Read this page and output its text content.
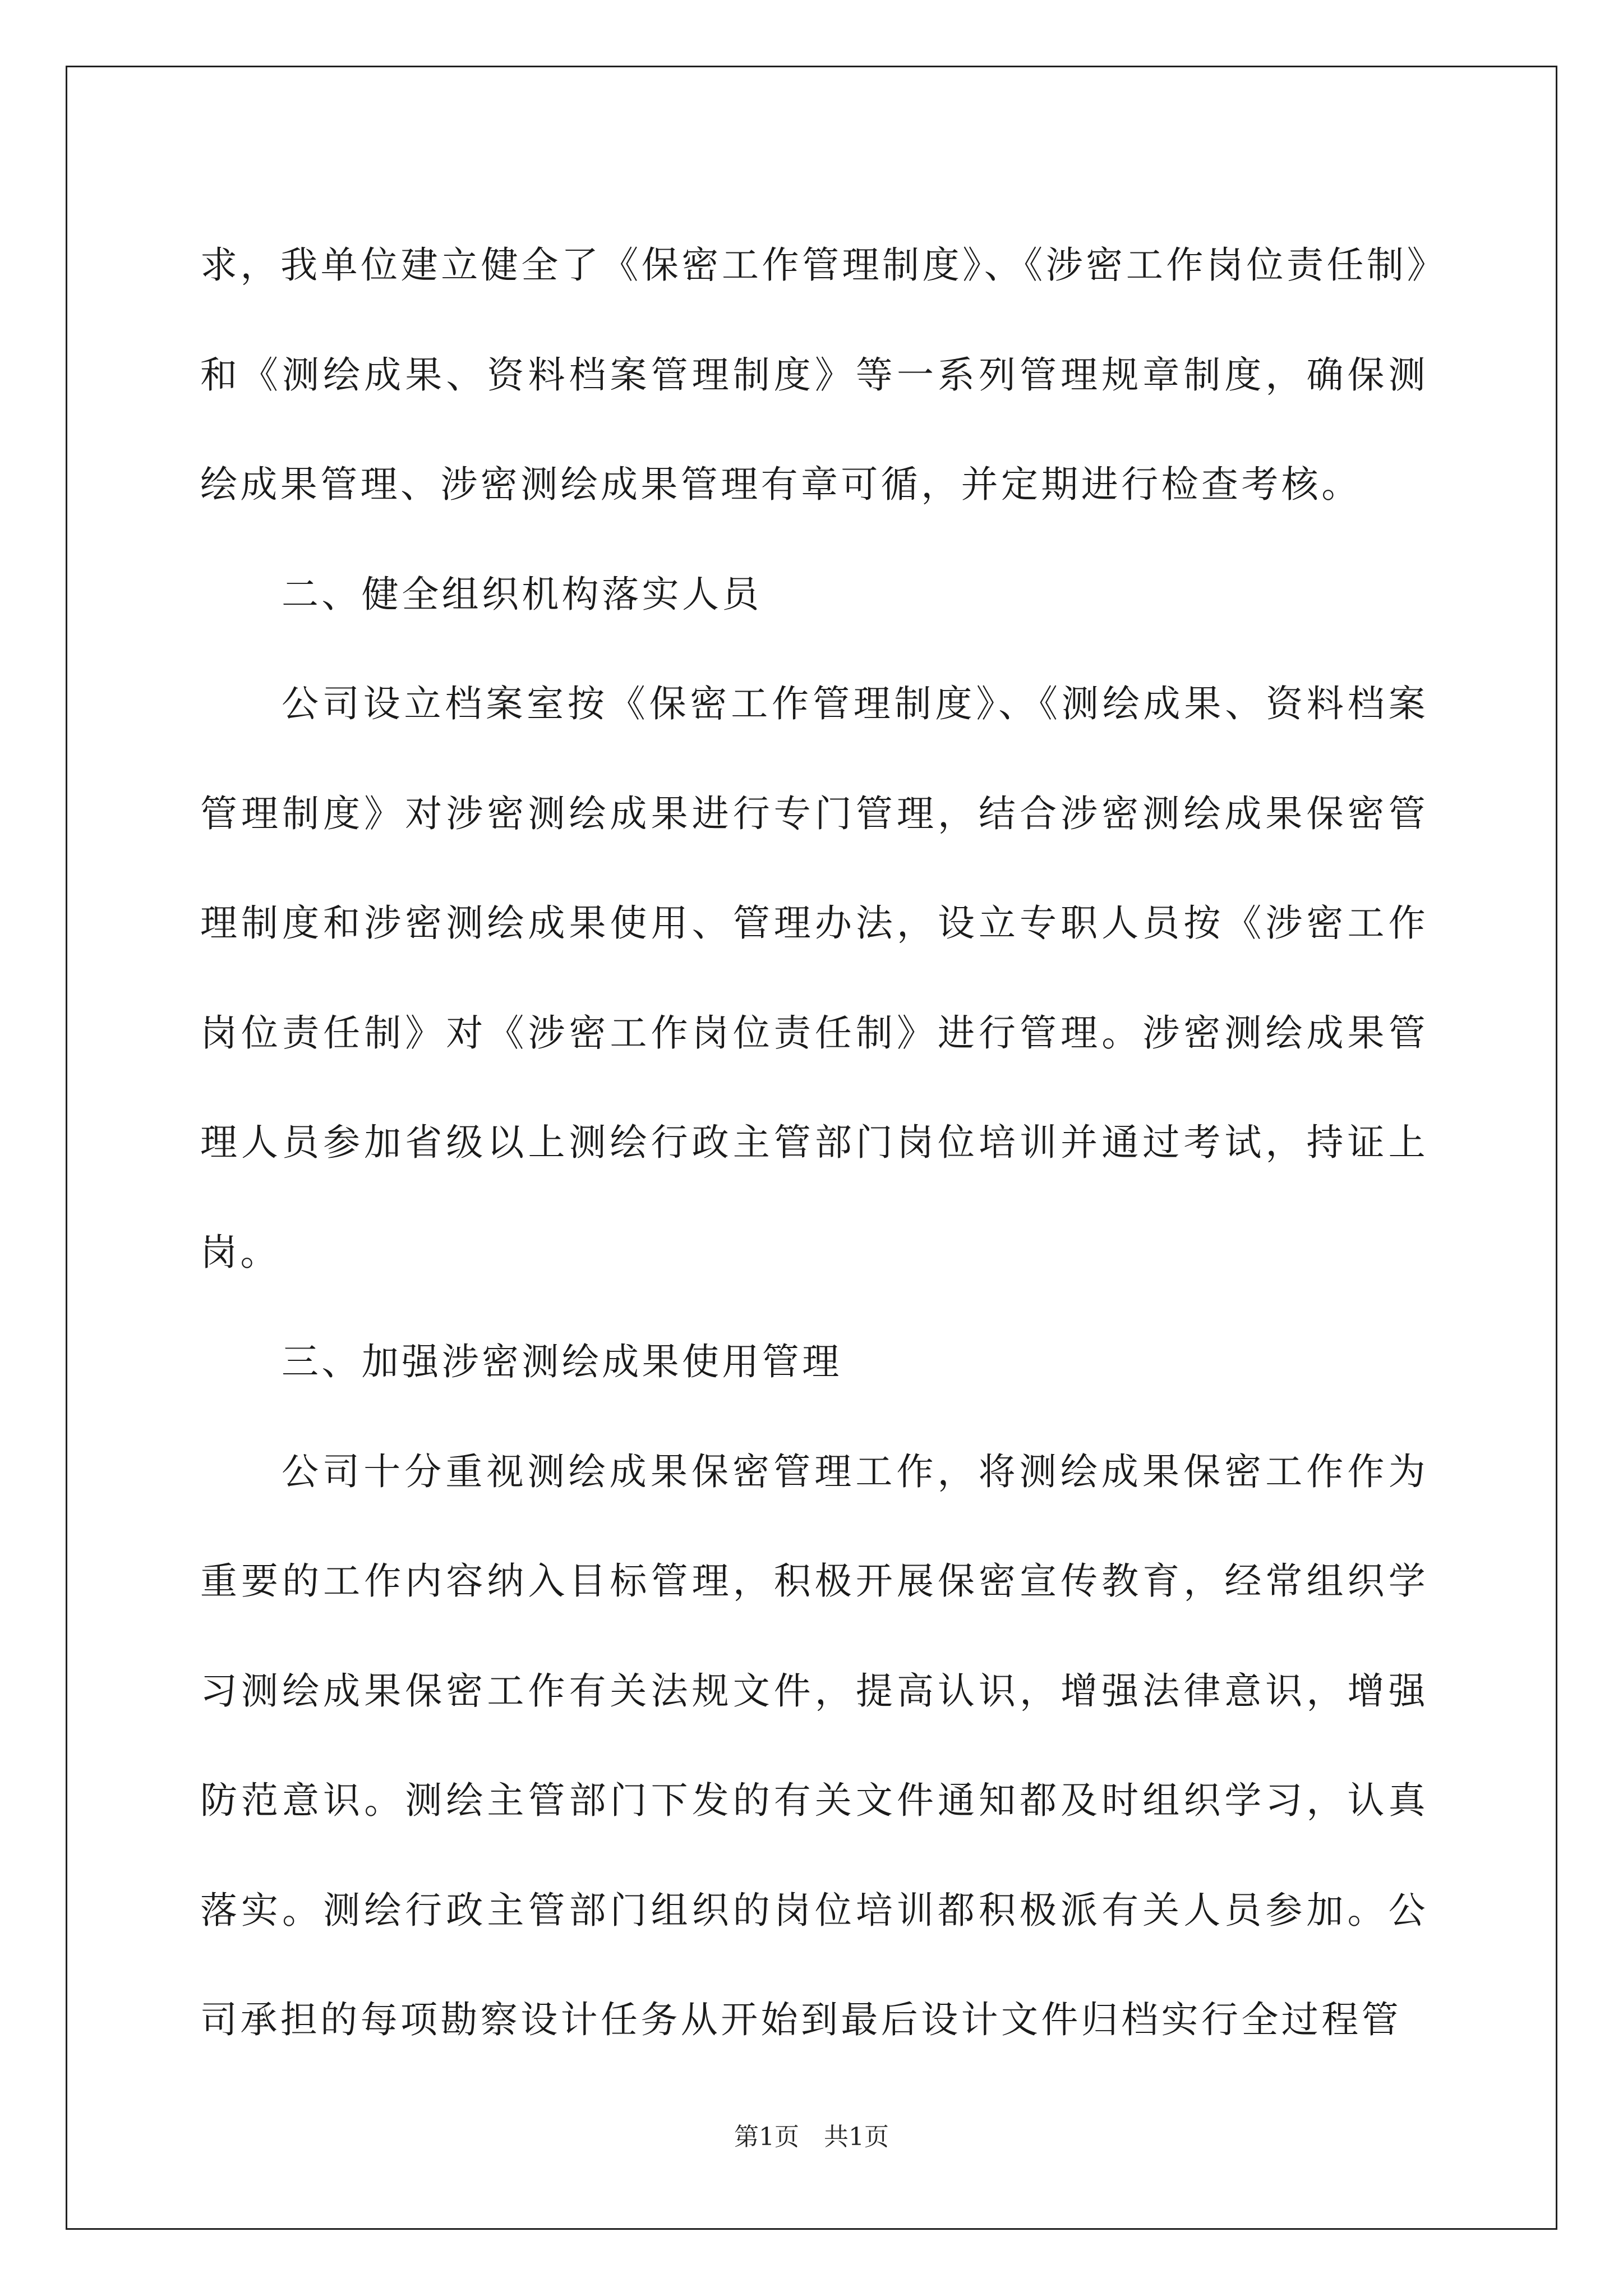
求，我单位建立健全了《保密工作管理制度》、《涉密工作岗位责任制》和《测绘成果、资料档案管理制度》等一系列管理规章制度，确保测绘成果管理、涉密测绘成果管理有章可循，并定期进行检查考核。

二、健全组织机构落实人员

公司设立档案室按《保密工作管理制度》、《测绘成果、资料档案管理制度》对涉密测绘成果进行专门管理，结合涉密测绘成果保密管理制度和涉密测绘成果使用、管理办法，设立专职人员按《涉密工作岗位责任制》对《涉密工作岗位责任制》进行管理。涉密测绘成果管理人员参加省级以上测绘行政主管部门岗位培训并通过考试，持证上岗。

三、加强涉密测绘成果使用管理

公司十分重视测绘成果保密管理工作，将测绘成果保密工作作为重要的工作内容纳入目标管理，积极开展保密宣传教育，经常组织学习测绘成果保密工作有关法规文件，提高认识，增强法律意识，增强防范意识。测绘主管部门下发的有关文件通知都及时组织学习，认真落实。测绘行政主管部门组织的岗位培训都积极派有关人员参加。公司承担的每项勘察设计任务从开始到最后设计文件归档实行全过程管

第1页 共1页
